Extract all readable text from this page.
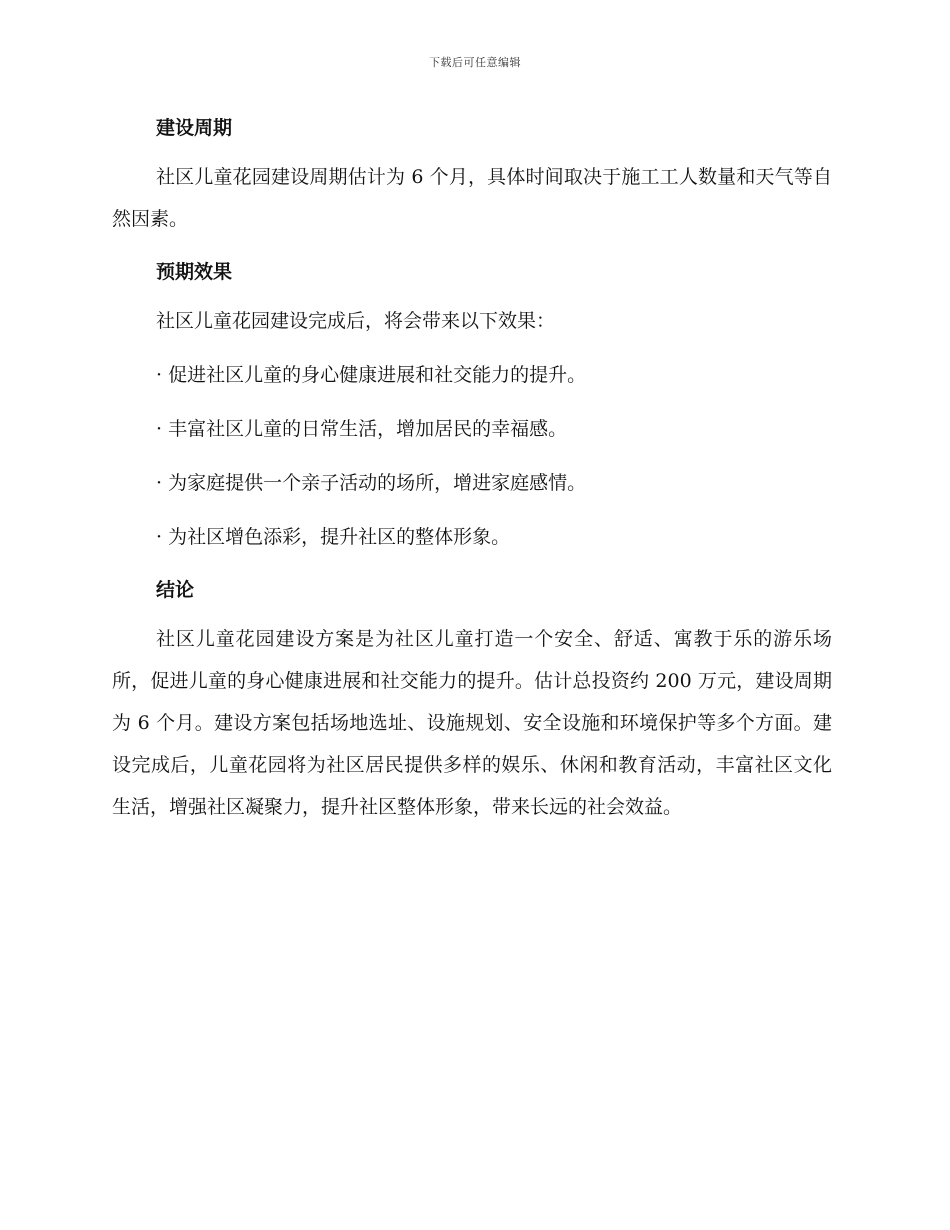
下载后可任意编辑
建设周期

社区儿童花园建设周期估计为 6 个月，具体时间取决于施工工人数量和天气等自然因素。

预期效果

社区儿童花园建设完成后，将会带来以下效果：

· 促进社区儿童的身心健康进展和社交能力的提升。
· 丰富社区儿童的日常生活，增加居民的幸福感。
· 为家庭提供一个亲子活动的场所，增进家庭感情。
· 为社区增色添彩，提升社区的整体形象。
结论

社区儿童花园建设方案是为社区儿童打造一个安全、舒适、寓教于乐的游乐场所，促进儿童的身心健康进展和社交能力的提升。估计总投资约 200 万元，建设周期为 6 个月。建设方案包括场地选址、设施规划、安全设施和环境保护等多个方面。建设完成后，儿童花园将为社区居民提供多样的娱乐、休闲和教育活动，丰富社区文化生活，增强社区凝聚力，提升社区整体形象，带来长远的社会效益。
